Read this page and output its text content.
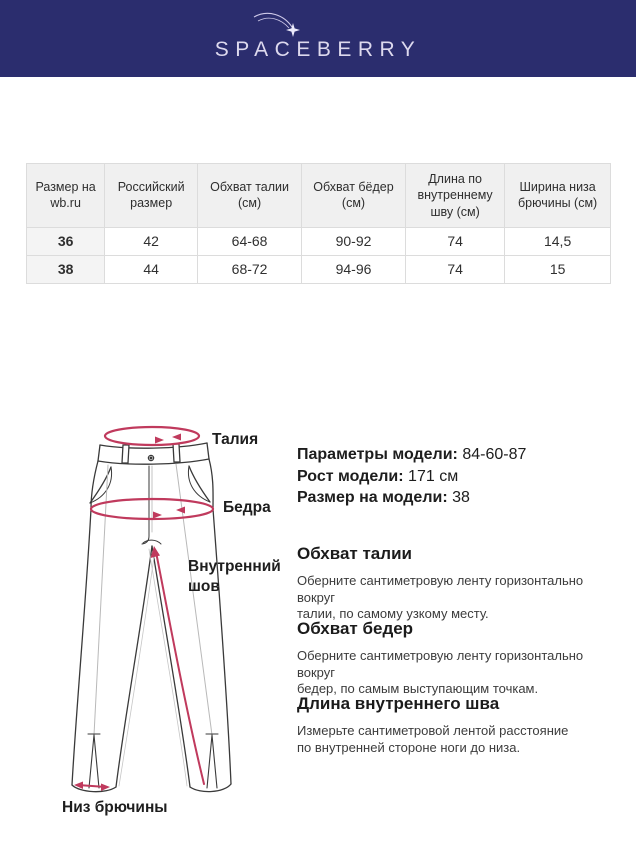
SPACEBERRY
Размер на wb.ru	Российский размер	Обхват талии (см)	Обхват бёдер (см)	Длина по внутреннему шву (см)	Ширина низа брючины (см)
36	42	64-68	90-92	74	14,5
38	44	68-72	94-96	74	15
Талия
Бедра
Внутренний шов
Низ брючины
Параметры модели: 84-60-87
Рост модели: 171 см
Размер на модели: 38
Обхват талии
Оберните сантиметровую ленту горизонтально вокруг
талии, по самому узкому месту.
Обхват бедер
Оберните сантиметровую ленту горизонтально вокруг
бедер, по самым выступающим точкам.
Длина внутреннего шва
Измерьте сантиметровой лентой расстояние
по внутренней стороне ноги до низа.
